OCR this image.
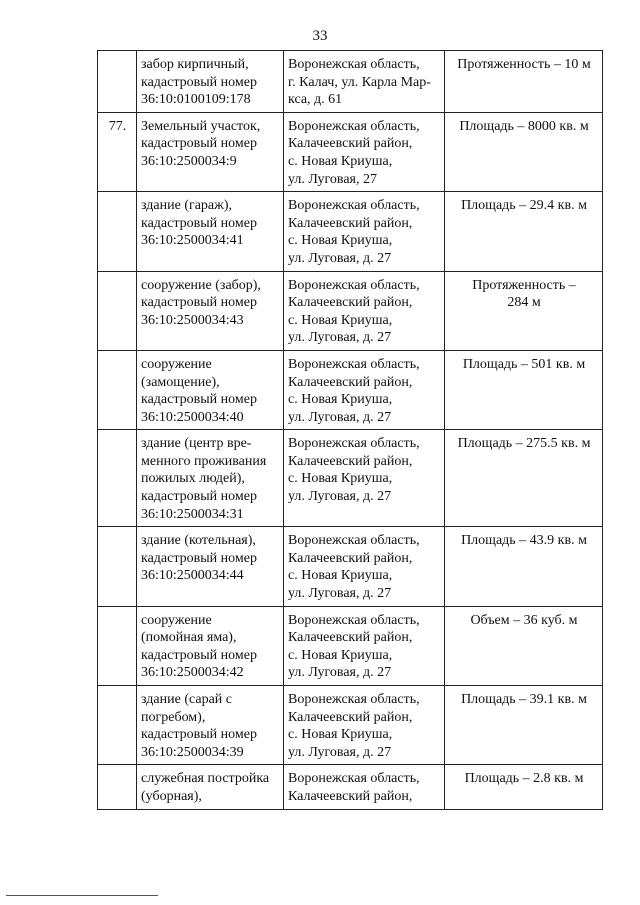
33

	забор кирпичный,
кадастровый номер
36:10:0100109:178	Воронежская область,
г. Калач, ул. Карла Мар-
кса, д. 61	Протяженность – 10 м

77.	Земельный участок,
кадастровый номер
36:10:2500034:9	Воронежская область,
Калачеевский район,
с. Новая Криуша,
ул. Луговая, 27	Площадь – 8000 кв. м

	здание (гараж),
кадастровый номер
36:10:2500034:41	Воронежская область,
Калачеевский район,
с. Новая Криуша,
ул. Луговая, д. 27	Площадь – 29.4 кв. м

	сооружение (забор),
кадастровый номер
36:10:2500034:43	Воронежская область,
Калачеевский район,
с. Новая Криуша,
ул. Луговая, д. 27	Протяженность –
284 м

	сооружение
(замощение),
кадастровый номер
36:10:2500034:40	Воронежская область,
Калачеевский район,
с. Новая Криуша,
ул. Луговая, д. 27	Площадь – 501 кв. м

	здание (центр вре-
менного проживания
пожилых людей),
кадастровый номер
36:10:2500034:31	Воронежская область,
Калачеевский район,
с. Новая Криуша,
ул. Луговая, д. 27	Площадь – 275.5 кв. м

	здание (котельная),
кадастровый номер
36:10:2500034:44	Воронежская область,
Калачеевский район,
с. Новая Криуша,
ул. Луговая, д. 27	Площадь – 43.9 кв. м

	сооружение
(помойная яма),
кадастровый номер
36:10:2500034:42	Воронежская область,
Калачеевский район,
с. Новая Криуша,
ул. Луговая, д. 27	Объем – 36 куб. м

	здание (сарай с
погребом),
кадастровый номер
36:10:2500034:39	Воронежская область,
Калачеевский район,
с. Новая Криуша,
ул. Луговая, д. 27	Площадь – 39.1 кв. м

	служебная постройка
(уборная),	Воронежская область,
Калачеевский район,	Площадь – 2.8 кв. м
